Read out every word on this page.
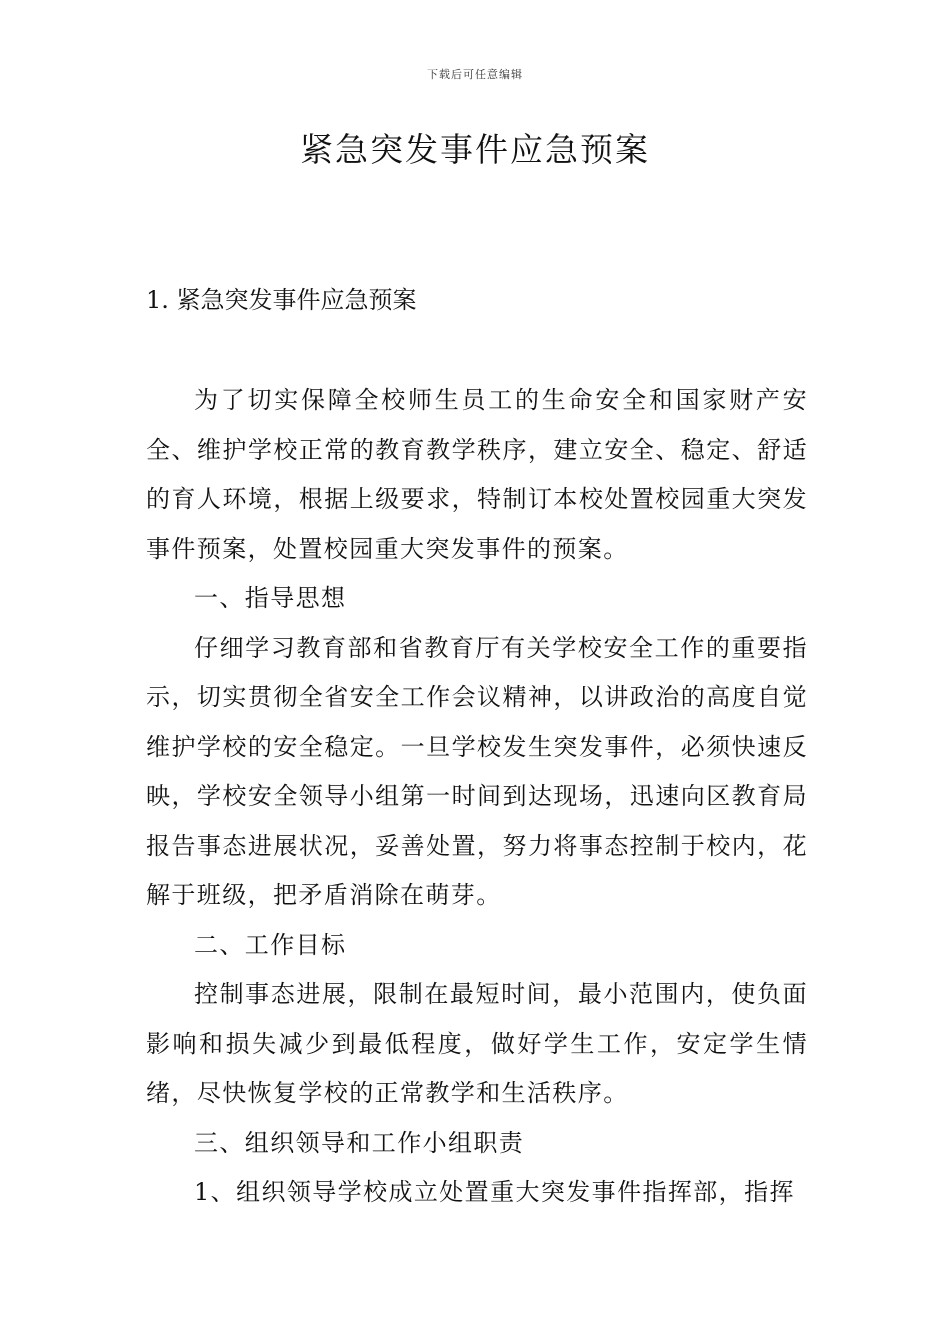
下载后可任意编辑
紧急突发事件应急预案
1. 紧急突发事件应急预案

为了切实保障全校师生员工的生命安全和国家财产安全、维护学校正常的教育教学秩序，建立安全、稳定、舒适的育人环境，根据上级要求，特制订本校处置校园重大突发事件预案，处置校园重大突发事件的预案。

一、指导思想

仔细学习教育部和省教育厅有关学校安全工作的重要指示，切实贯彻全省安全工作会议精神，以讲政治的高度自觉维护学校的安全稳定。一旦学校发生突发事件，必须快速反映，学校安全领导小组第一时间到达现场，迅速向区教育局报告事态进展状况，妥善处置，努力将事态控制于校内，花解于班级，把矛盾消除在萌芽。

二、工作目标

控制事态进展，限制在最短时间，最小范围内，使负面影响和损失减少到最低程度，做好学生工作，安定学生情绪，尽快恢复学校的正常教学和生活秩序。

三、组织领导和工作小组职责

1、组织领导学校成立处置重大突发事件指挥部，指挥
